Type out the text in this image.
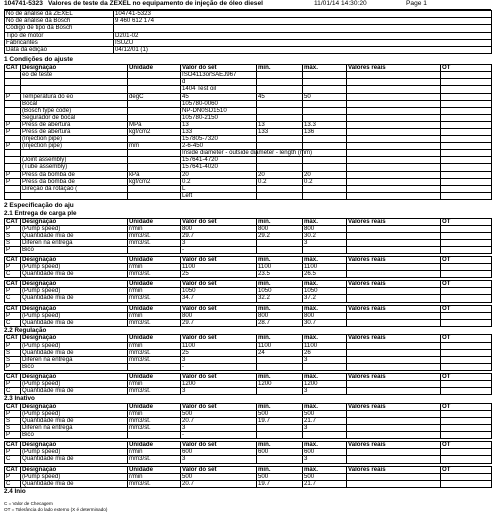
104741-5323 Valores de teste da ZEXEL no equipamento de injeção de óleo diesel	11/01/14 14:30:20	Page 1
No de análise da ZEXEL	104741-5323
No de análise da Bosch	9 460 612 174
Código de tipo da Bosch	
Tipo de motor	D201-02
Fabricantes	ISUZU
Data da edição	04/12/01 (1)
1 Condições do ajuste
CAT	Designação	Unidade	Valor do set	min.	máx.	Valores reais	OT
	eo de teste		ISO4113orSAEJ967				
			d				
			1404 Test oil				
P	Temperatura do eo	degC	45	45	50		
	Bocal		105780-0060				
	(Bosch type code)		NP-DN0SD1510				
	Segurador de bocal		105780-2150				
P	Press de abertura	MPa	13	13	13.3		
P	Press de abertura	kgf/cm2	133	133	136		
	(Injection pipe)		157805-7320				
P	(Injection pipe)	mm	2-6-450				
			Inside diameter - outside diameter - length (mm)				
	(Joint assembly)		157641-4720				
	(Tube assembly)		157641-4020				
P	Press da bomba de	kPa	20	20	20		
P	Press da bomba de	kgf/cm2	0.2	0.2	0.2		
	Direção da rotação (		L				
			Left				
2 Especificação do aju
2.1 Entrega de carga ple
CAT	Designação	Unidade	Valor do set	min.	máx.	Valores reais	OT
P	(Pump speed)	r/min	800	800	800		
S	Quantidade mia de	mm3/st.	29.7	29.2	30.2		
S	Diferen na entrega	mm3/st.	3		3		
P	Bico		-				
CAT	Designação	Unidade	Valor do set	min.	máx.	Valores reais	OT
P	(Pump speed)	r/min	1100	1100	1100		
C	Quantidade mia de	mm3/st.	25	23.5	26.5		
CAT	Designação	Unidade	Valor do set	min.	máx.	Valores reais	OT
P	(Pump speed)	r/min	1050	1050	1050		
C	Quantidade mia de	mm3/st.	34.7	32.2	37.2		
CAT	Designação	Unidade	Valor do set	min.	máx.	Valores reais	OT
P	(Pump speed)	r/min	800	800	800		
C	Quantidade mia de	mm3/st.	29.7	28.7	30.7		
2.2 Regulação
CAT	Designação	Unidade	Valor do set	min.	máx.	Valores reais	OT
P	(Pump speed)	r/min	1100	1100	1100		
S	Quantidade mia de	mm3/st.	25	24	26		
S	Diferen na entrega	mm3/st.	3		3		
P	Bico		-				
CAT	Designação	Unidade	Valor do set	min.	máx.	Valores reais	OT
P	(Pump speed)	r/min	1200	1200	1200		
C	Quantidade mia de	mm3/st.	3		3		
2.3 Inativo
CAT	Designação	Unidade	Valor do set	min.	máx.	Valores reais	OT
P	(Pump speed)	r/min	500	500	500		
S	Quantidade mia de	mm3/st.	20.7	19.7	21.7		
S	Diferen na entrega	mm3/st.	3		3		
P	Bico		-				
CAT	Designação	Unidade	Valor do set	min.	máx.	Valores reais	OT
P	(Pump speed)	r/min	600	600	600		
C	Quantidade mia de	mm3/st.	3		3		
CAT	Designação	Unidade	Valor do set	min.	máx.	Valores reais	OT
P	(Pump speed)	r/min	500	500	500		
C	Quantidade mia de	mm3/st.	20.7	19.7	21.7		
2.4 Inio
C = Valor de Checagem
OT = Tolerância do lado externo (X é determinado)
